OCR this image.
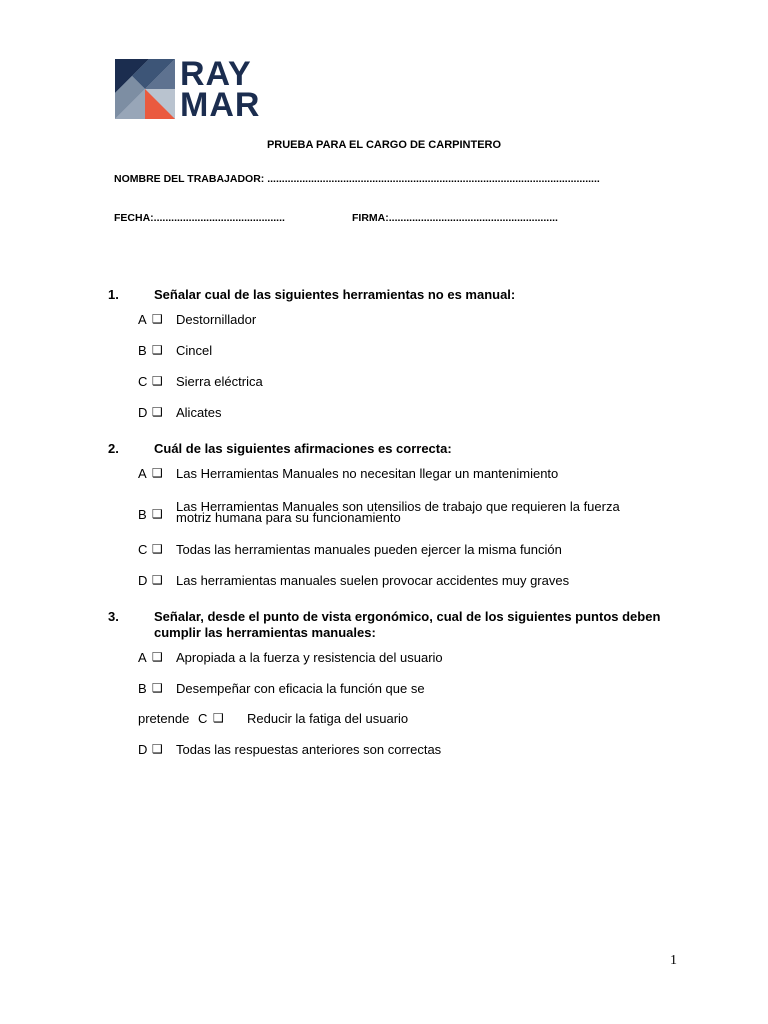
RAY
MAR
PRUEBA PARA EL CARGO DE CARPINTERO
NOMBRE DEL TRABAJADOR: ..................................................................................................................
FECHA:.............................................	FIRMA:..........................................................
1.	Señalar cual de las siguientes herramientas no es manual:
A ❑ Destornillador
B ❑ Cincel
C ❑ Sierra eléctrica
D ❑ Alicates
2.	Cuál de las siguientes afirmaciones es correcta:
A ❑ Las Herramientas Manuales no necesitan llegar un mantenimiento
B ❑ Las Herramientas Manuales son utensilios de trabajo que requieren la fuerza
motriz humana para su funcionamiento
C ❑ Todas las herramientas manuales pueden ejercer la misma función
D ❑ Las herramientas manuales suelen provocar accidentes muy graves
3.	Señalar, desde el punto de vista ergonómico, cual de los siguientes puntos deben cumplir las herramientas manuales:
A ❑ Apropiada a la fuerza y resistencia del usuario
B ❑ Desempeñar con eficacia la función que se
pretende C ❑ Reducir la fatiga del usuario
D ❑ Todas las respuestas anteriores son correctas
1
